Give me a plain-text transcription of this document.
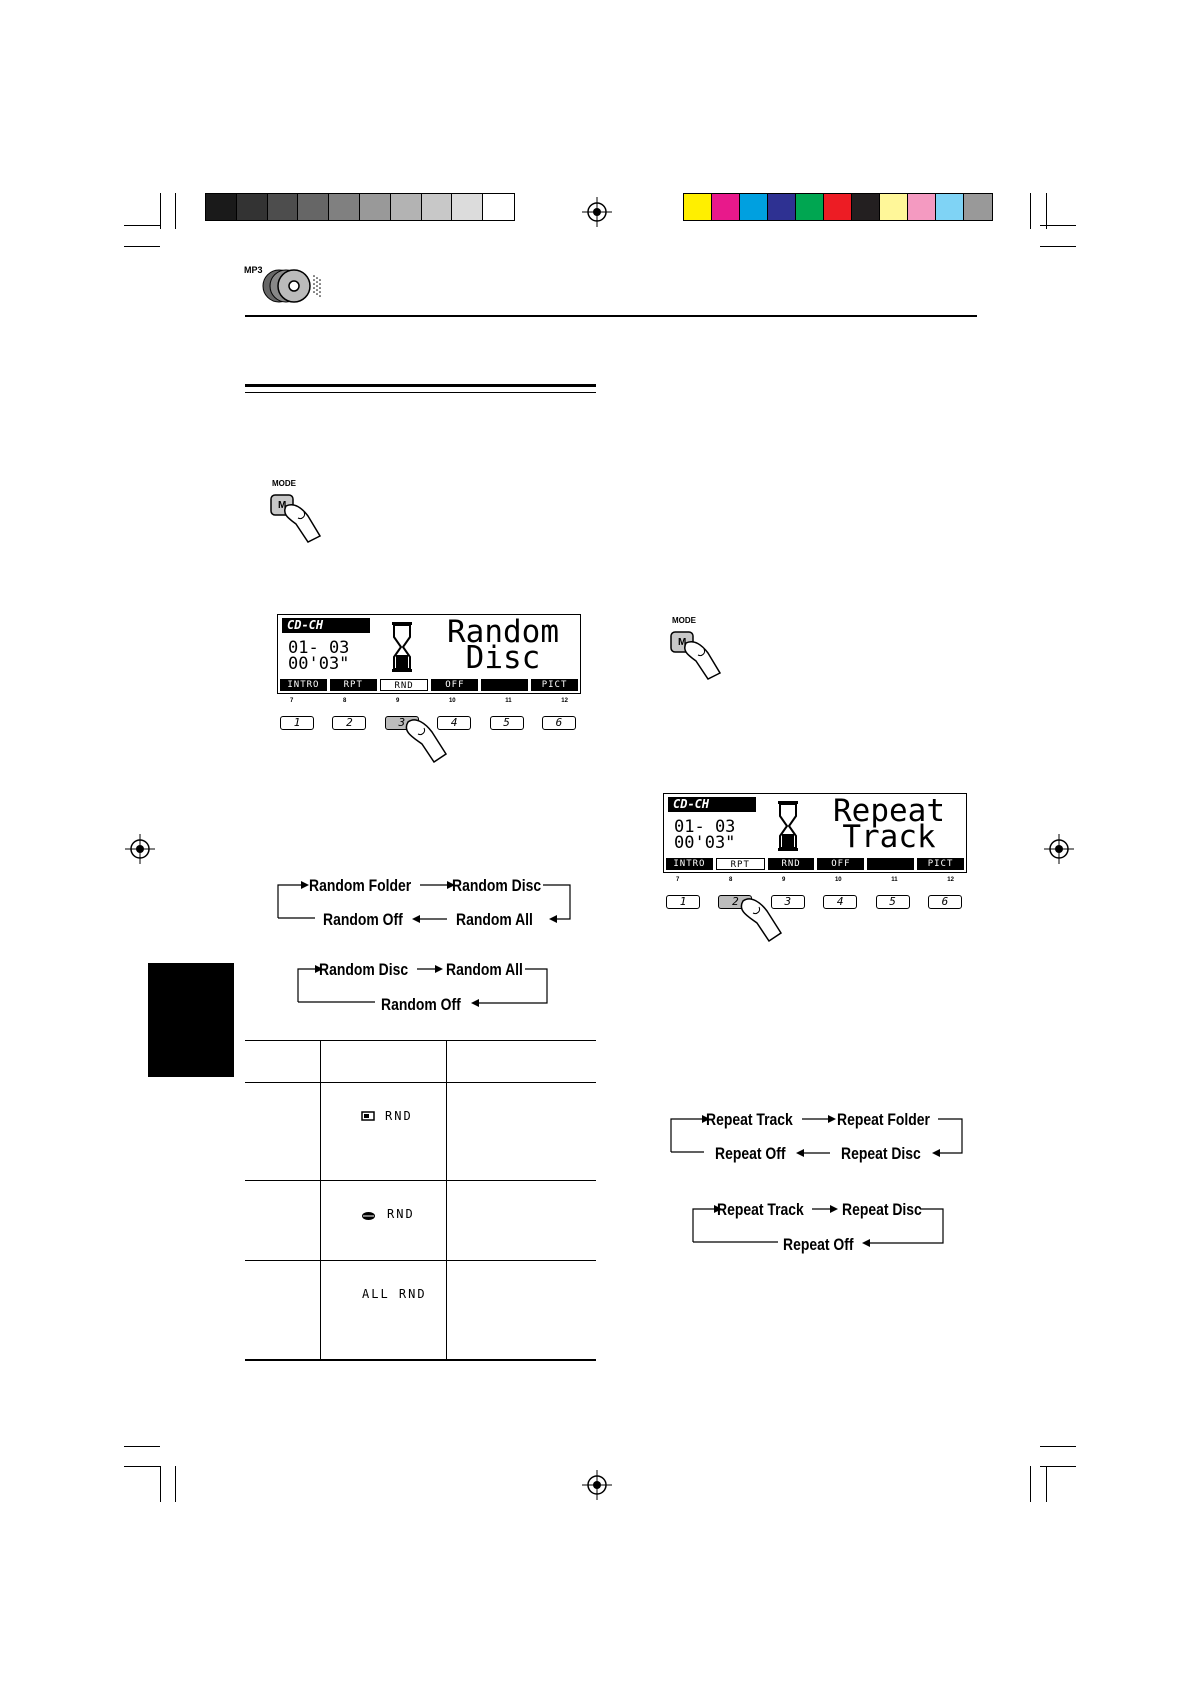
MP3
MODE
M
CD-CH
01- 03
00'03"
Random
Disc
INTRO	RPT	RND	OFF	PICT
7	8	9	10	11	12
1	2	3	4	5	6
Random Folder Random Disc
Random Off	Random All
Random Disc Random All
Random Off
RND
RND
ALL RND
MODE
M
CD-CH
01- 03
00'03"
Repeat
Track
INTRO	RPT	RND	OFF	PICT
7	8	9	10	11	12
1	2	3	4	5	6
Repeat Track	Repeat Folder
Repeat Off	Repeat Disc
Repeat Track Repeat Disc
Repeat Off
